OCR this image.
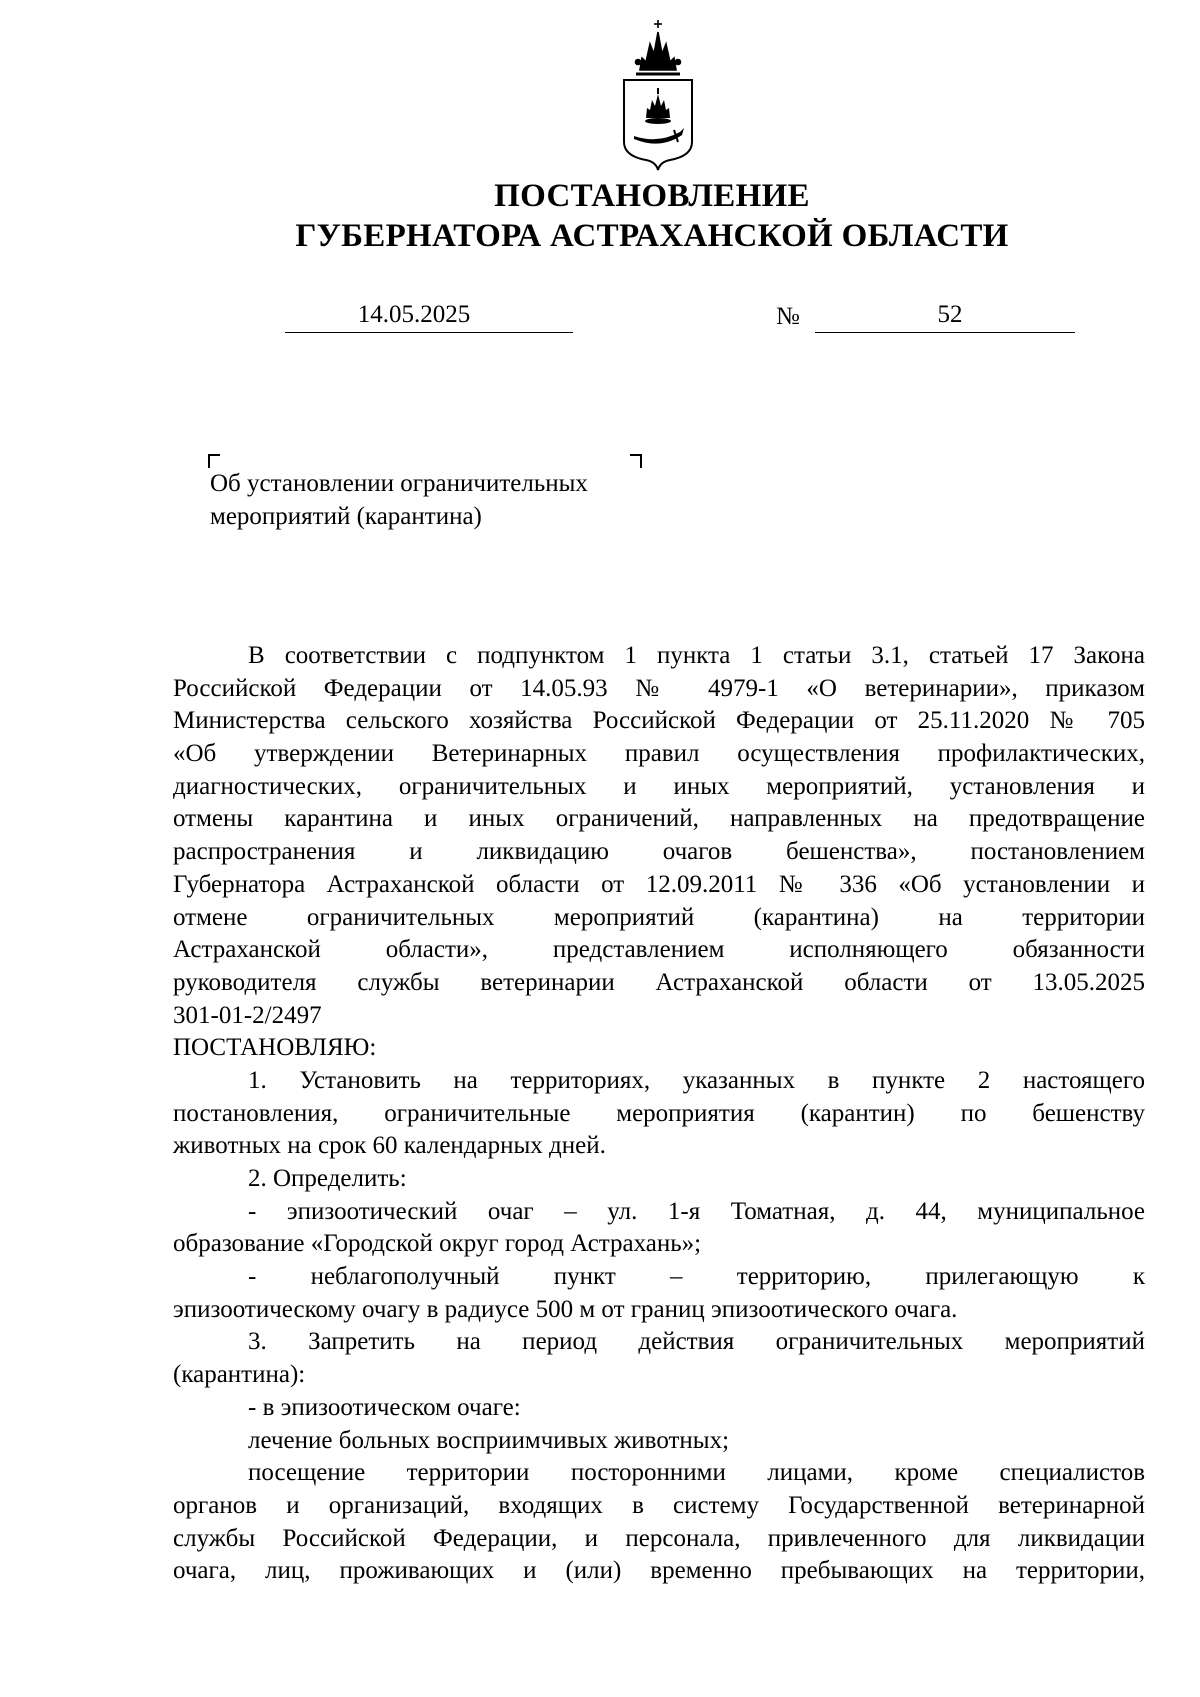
ПОСТАНОВЛЕНИЕ
ГУБЕРНАТОРА АСТРАХАНСКОЙ ОБЛАСТИ
14.05.2025	№	52
Об установлении ограничительных
мероприятий (карантина)
В соответствии с подпунктом 1 пункта 1 статьи 3.1, статьей 17 Закона
Российской Федерации от 14.05.93 № 4979-1 «О ветеринарии», приказом
Министерства сельского хозяйства Российской Федерации от 25.11.2020 № 705
«Об утверждении Ветеринарных правил осуществления профилактических,
диагностических, ограничительных и иных мероприятий, установления и
отмены карантина и иных ограничений, направленных на предотвращение
распространения и ликвидацию очагов бешенства», постановлением
Губернатора Астраханской области от 12.09.2011 № 336 «Об установлении и
отмене ограничительных мероприятий (карантина) на территории
Астраханской области», представлением исполняющего обязанности
руководителя службы ветеринарии Астраханской области от 13.05.2025
301-01-2/2497
ПОСТАНОВЛЯЮ:
1. Установить на территориях, указанных в пункте 2 настоящего
постановления, ограничительные мероприятия (карантин) по бешенству
животных на срок 60 календарных дней.
2. Определить:
- эпизоотический очаг – ул. 1-я Томатная, д. 44, муниципальное
образование «Городской округ город Астрахань»;
- неблагополучный пункт – территорию, прилегающую к
эпизоотическому очагу в радиусе 500 м от границ эпизоотического очага.
3. Запретить на период действия ограничительных мероприятий
(карантина):
- в эпизоотическом очаге:
лечение больных восприимчивых животных;
посещение территории посторонними лицами, кроме специалистов
органов и организаций, входящих в систему Государственной ветеринарной
службы Российской Федерации, и персонала, привлеченного для ликвидации
очага, лиц, проживающих и (или) временно пребывающих на территории,
